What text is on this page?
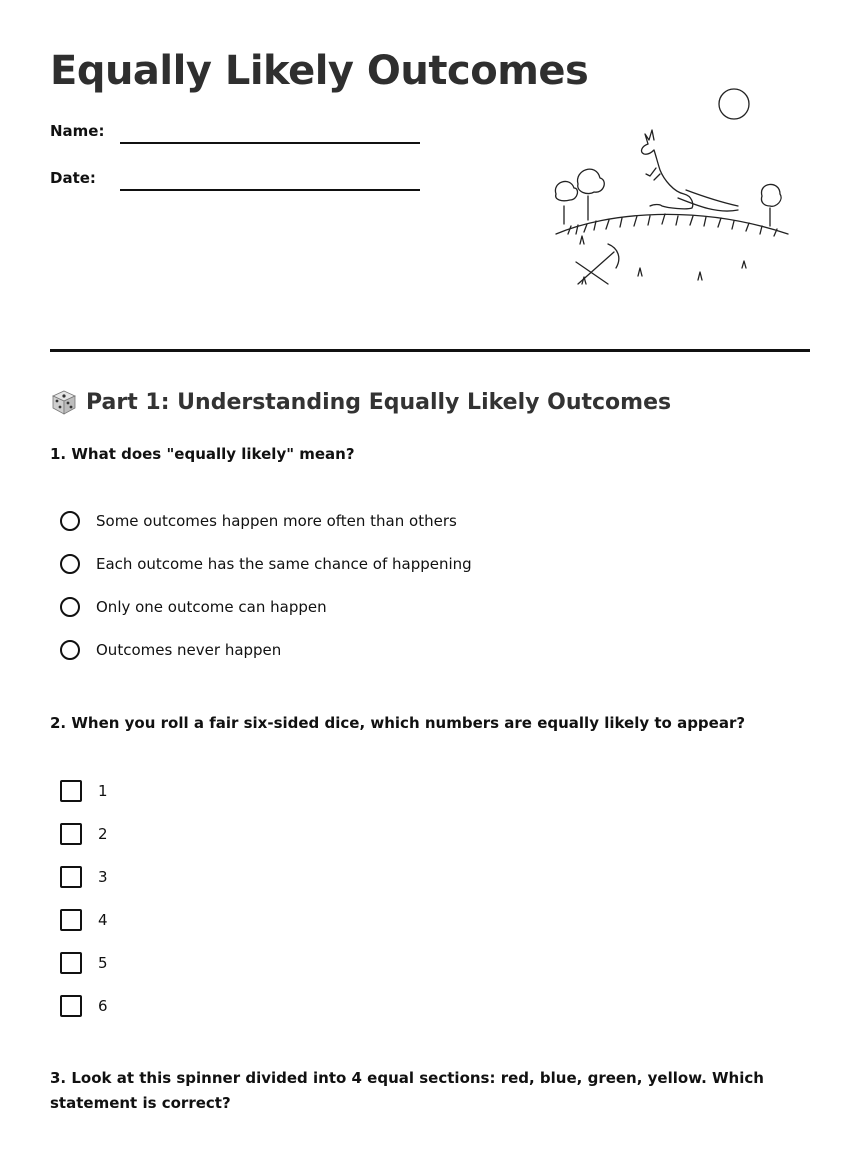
Equally Likely Outcomes
Name:
Date:
Part 1: Understanding Equally Likely Outcomes

1. What does "equally likely" mean?

Some outcomes happen more often than others
Each outcome has the same chance of happening
Only one outcome can happen
Outcomes never happen

2. When you roll a fair six-sided dice, which numbers are equally likely to appear?

1
2
3
4
5
6

3. Look at this spinner divided into 4 equal sections: red, blue, green, yellow. Which statement is correct?
